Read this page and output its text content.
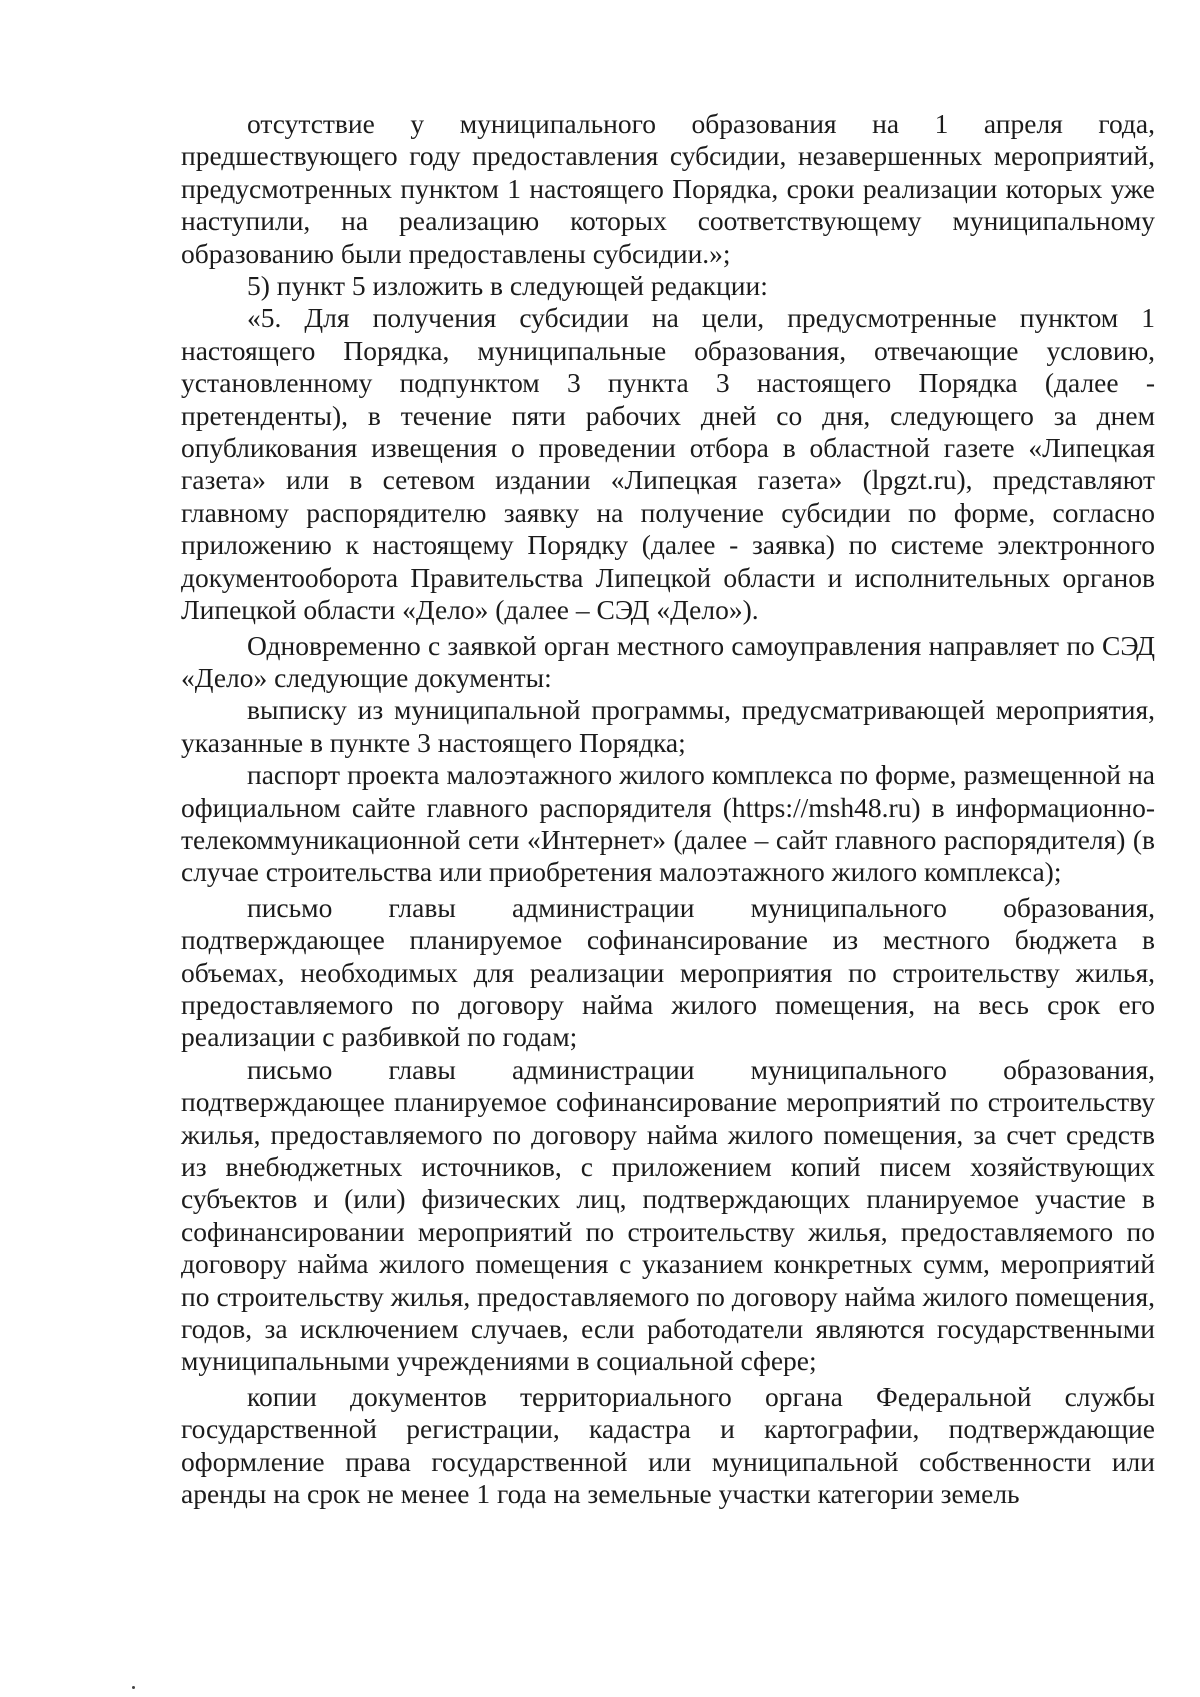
отсутствие у муниципального образования на 1 апреля года, предшествующего году предоставления субсидии, незавершенных мероприятий, предусмотренных пунктом 1 настоящего Порядка, сроки реализации которых уже наступили, на реализацию которых соответствующему муниципальному образованию были предоставлены субсидии.»;

5) пункт 5 изложить в следующей редакции:

«5. Для получения субсидии на цели, предусмотренные пунктом 1 настоящего Порядка, муниципальные образования, отвечающие условию, установленному подпунктом 3 пункта 3 настоящего Порядка (далее - претенденты), в течение пяти рабочих дней со дня, следующего за днем опубликования извещения о проведении отбора в областной газете «Липецкая газета» или в сетевом издании «Липецкая газета» (lpgzt.ru), представляют главному распорядителю заявку на получение субсидии по форме, согласно приложению к настоящему Порядку (далее - заявка) по системе электронного документооборота Правительства Липецкой области и исполнительных органов Липецкой области «Дело» (далее – СЭД «Дело»).

Одновременно с заявкой орган местного самоуправления направляет по СЭД «Дело» следующие документы:

выписку из муниципальной программы, предусматривающей мероприятия, указанные в пункте 3 настоящего Порядка;

паспорт проекта малоэтажного жилого комплекса по форме, размещенной на официальном сайте главного распорядителя (https://msh48.ru) в информационно-телекоммуникационной сети «Интернет» (далее – сайт главного распорядителя) (в случае строительства или приобретения малоэтажного жилого комплекса);

письмо главы администрации муниципального образования, подтверждающее планируемое софинансирование из местного бюджета в объемах, необходимых для реализации мероприятия по строительству жилья, предоставляемого по договору найма жилого помещения, на весь срок его реализации с разбивкой по годам;

письмо главы администрации муниципального образования, подтверждающее планируемое софинансирование мероприятий по строительству жилья, предоставляемого по договору найма жилого помещения, за счет средств из внебюджетных источников, с приложением копий писем хозяйствующих субъектов и (или) физических лиц, подтверждающих планируемое участие в софинансировании мероприятий по строительству жилья, предоставляемого по договору найма жилого помещения с указанием конкретных сумм, мероприятий по строительству жилья, предоставляемого по договору найма жилого помещения, годов, за исключением случаев, если работодатели являются государственными муниципальными учреждениями в социальной сфере;

копии документов территориального органа Федеральной службы государственной регистрации, кадастра и картографии, подтверждающие оформление права государственной или муниципальной собственности или аренды на срок не менее 1 года на земельные участки категории земель
